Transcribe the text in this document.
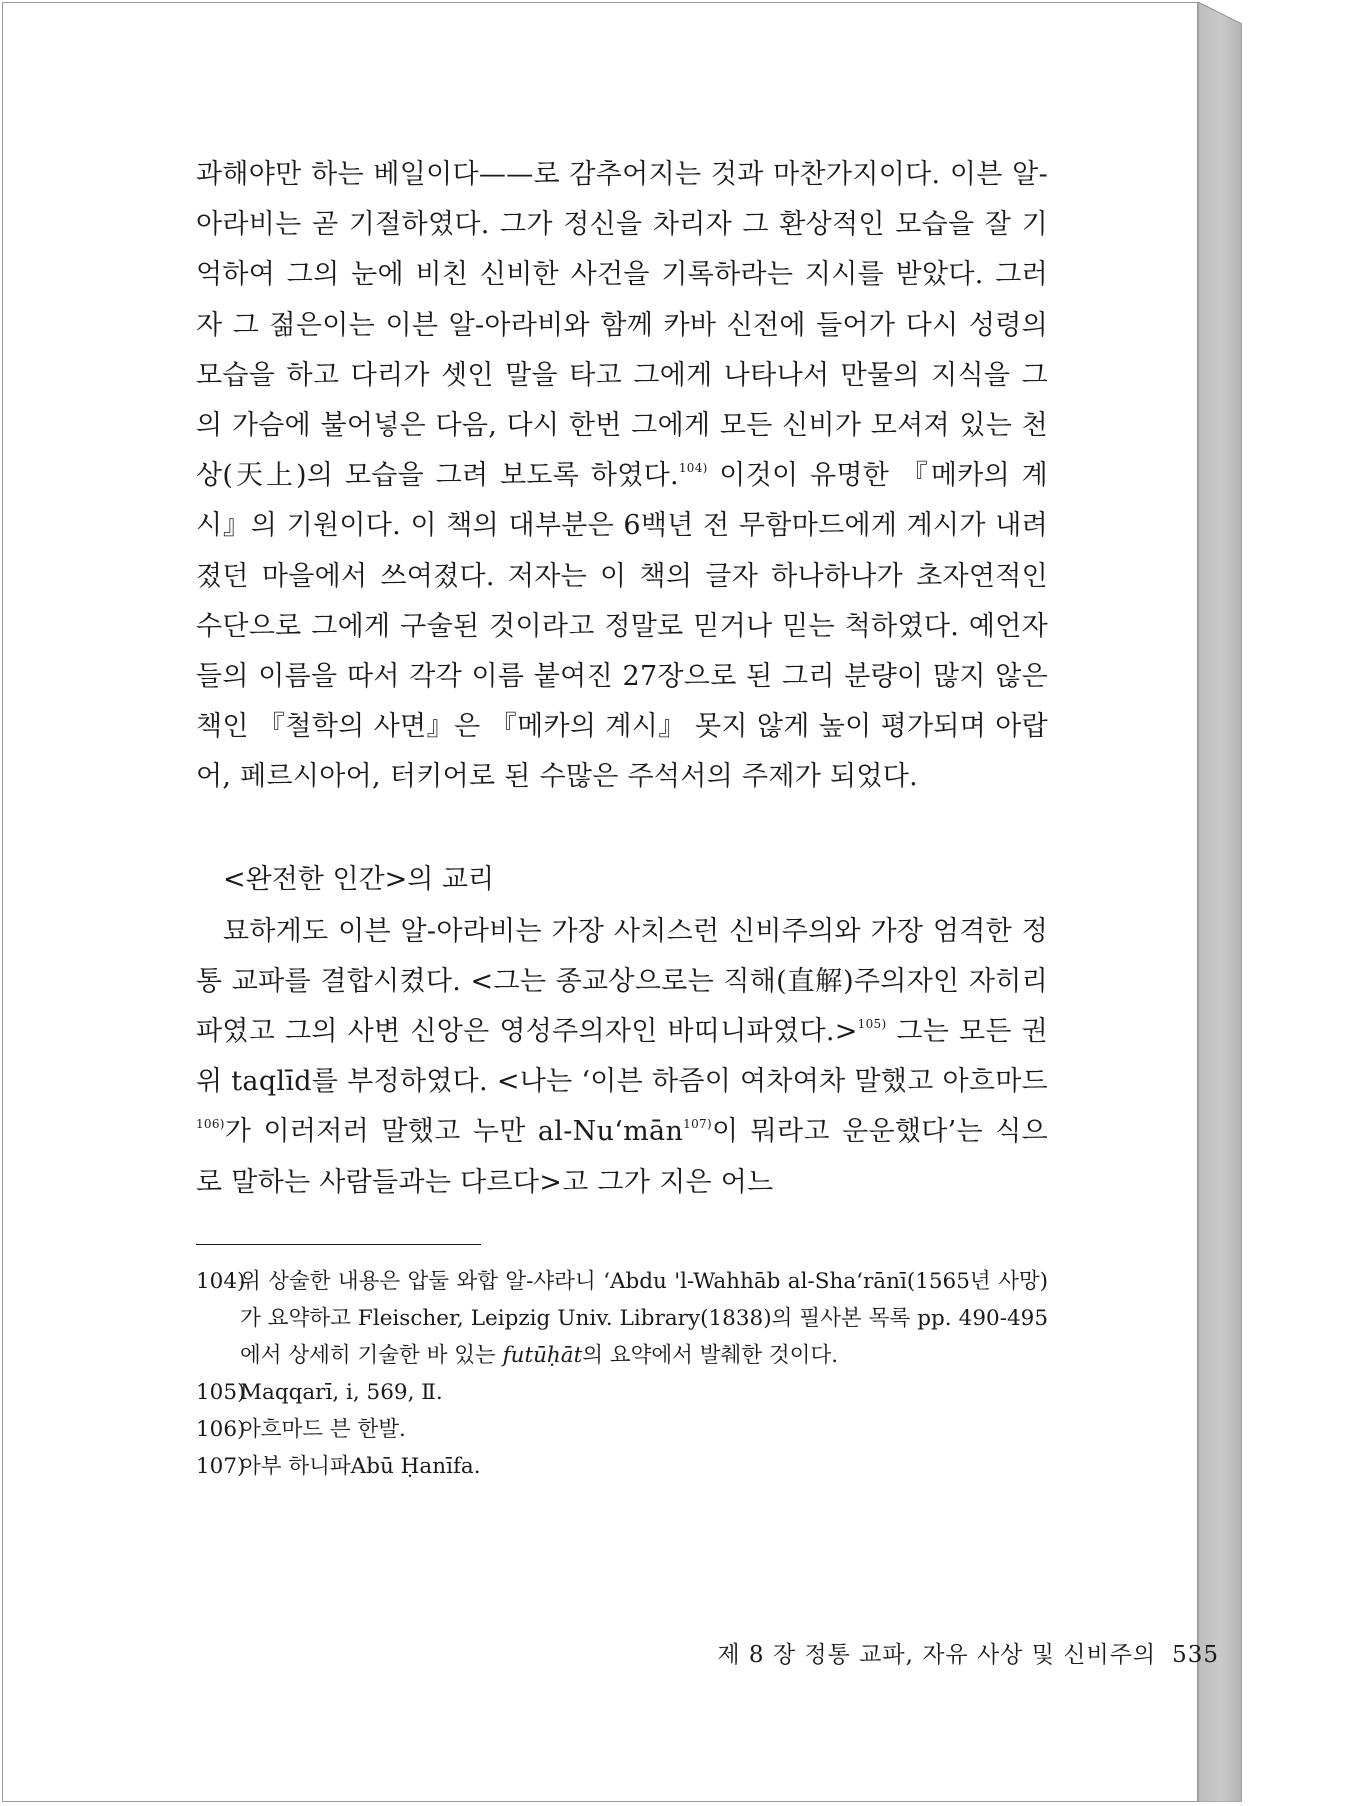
과해야만 하는 베일이다——로 감추어지는 것과 마찬가지이다. 이븐 알-아라비는 곧 기절하였다. 그가 정신을 차리자 그 환상적인 모습을 잘 기억하여 그의 눈에 비친 신비한 사건을 기록하라는 지시를 받았다. 그러자 그 젊은이는 이븐 알-아라비와 함께 카바 신전에 들어가 다시 성령의 모습을 하고 다리가 셋인 말을 타고 그에게 나타나서 만물의 지식을 그의 가슴에 불어넣은 다음, 다시 한번 그에게 모든 신비가 모셔져 있는 천상(天上)의 모습을 그려 보도록 하였다.$^{104)}$ 이것이 유명한 『메카의 계시』의 기원이다. 이 책의 대부분은 6백년 전 무함마드에게 계시가 내려졌던 마을에서 쓰여졌다. 저자는 이 책의 글자 하나하나가 초자연적인 수단으로 그에게 구술된 것이라고 정말로 믿거나 믿는 척하였다. 예언자들의 이름을 따서 각각 이름 붙여진 27장으로 된 그리 분량이 많지 않은 책인 『철학의 사면』은 『메카의 계시』 못지 않게 높이 평가되며 아랍어, 페르시아어, 터키어로 된 수많은 주석서의 주제가 되었다.

<완전한 인간>의 교리

묘하게도 이븐 알-아라비는 가장 사치스런 신비주의와 가장 엄격한 정통 교파를 결합시켰다. <그는 종교상으로는 직해(直解)주의자인 자히리파였고 그의 사변 신앙은 영성주의자인 바띠니파였다.>$^{105)}$ 그는 모든 권위 taqlīd를 부정하였다. <나는 ‘이븐 하즘이 여차여차 말했고 아흐마드$^{106)}$가 이러저러 말했고 누만 al-Nu‘mān$^{107)}$이 뭐라고 운운했다’는 식으로 말하는 사람들과는 다르다>고 그가 지은 어느

104)
위 상술한 내용은 압둘 와합 알-샤라니 ‘Abdu 'l-Wahhāb al-Sha‘rānī(1565년 사망)가 요약하고 Fleischer, Leipzig Univ. Library(1838)의 필사본 목록 pp. 490-495에서 상세히 기술한 바 있는 futūḥāt의 요약에서 발췌한 것이다.
105)
Maqqarī, i, 569, Ⅱ.
106)
아흐마드 븐 한발.
107)
아부 하니파Abū Ḥanīfa.
제 8 장 정통 교파, 자유 사상 및 신비주의 535
